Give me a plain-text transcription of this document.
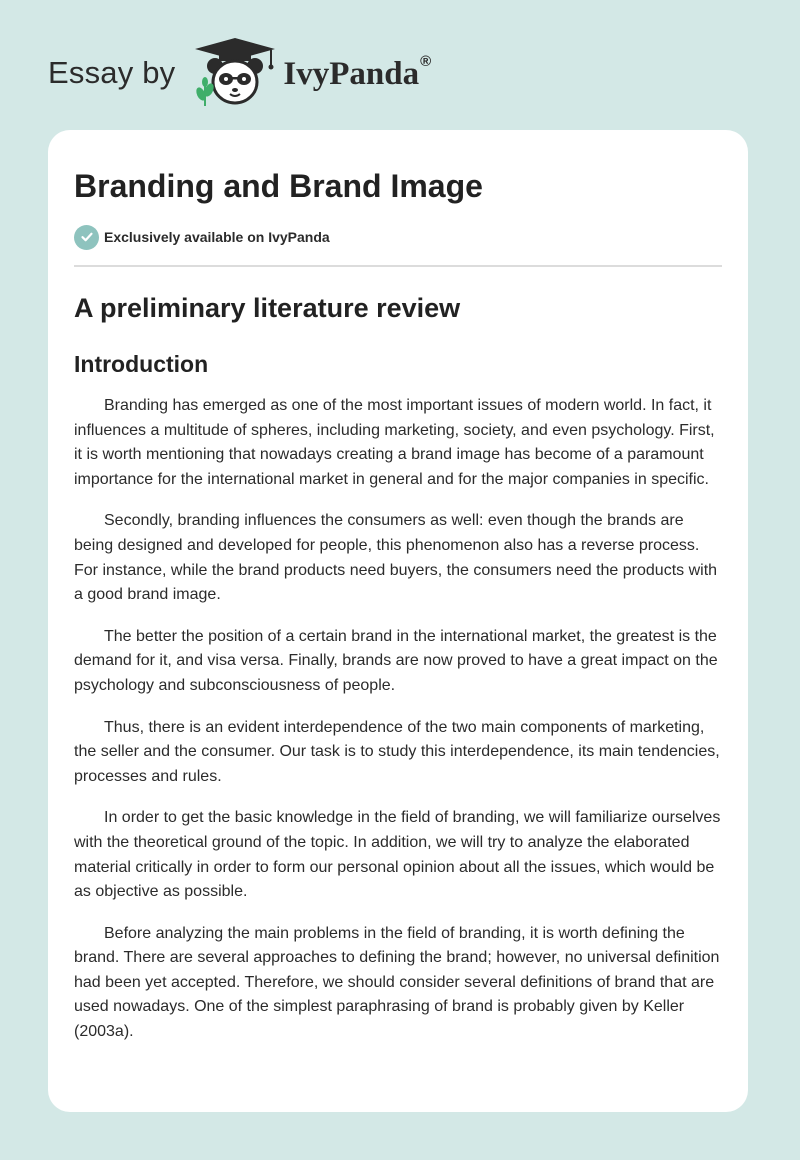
Essay by	IvyPanda®
Branding and Brand Image
Exclusively available on IvyPanda
A preliminary literature review
Introduction

Branding has emerged as one of the most important issues of modern world. In fact, it influences a multitude of spheres, including marketing, society, and even psychology. First, it is worth mentioning that nowadays creating a brand image has become of a paramount importance for the international market in general and for the major companies in specific.

Secondly, branding influences the consumers as well: even though the brands are being designed and developed for people, this phenomenon also has a reverse process. For instance, while the brand products need buyers, the consumers need the products with a good brand image.

The better the position of a certain brand in the international market, the greatest is the demand for it, and visa versa. Finally, brands are now proved to have a great impact on the psychology and subconsciousness of people.

Thus, there is an evident interdependence of the two main components of marketing, the seller and the consumer. Our task is to study this interdependence, its main tendencies, processes and rules.

In order to get the basic knowledge in the field of branding, we will familiarize ourselves with the theoretical ground of the topic. In addition, we will try to analyze the elaborated material critically in order to form our personal opinion about all the issues, which would be as objective as possible.

Before analyzing the main problems in the field of branding, it is worth defining the brand. There are several approaches to defining the brand; however, no universal definition had been yet accepted. Therefore, we should consider several definitions of brand that are used nowadays. One of the simplest paraphrasing of brand is probably given by Keller (2003a).
